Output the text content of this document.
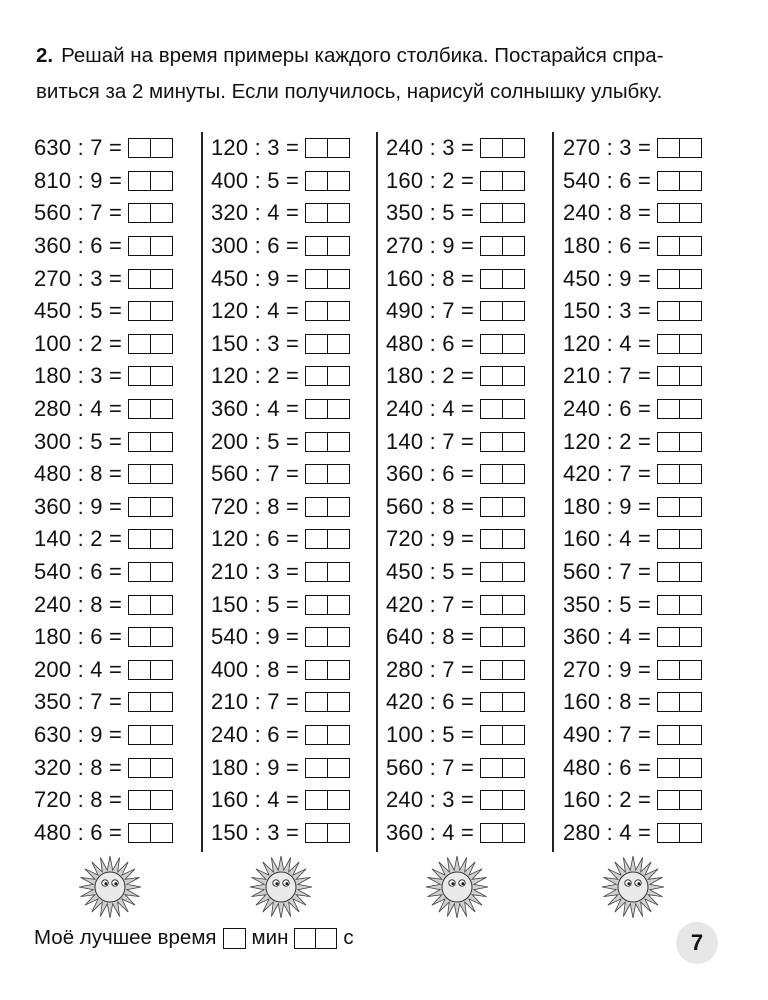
2. Решай на время примеры каждого столбика. Постарайся спра-
виться за 2 минуты. Если получилось, нарисуй солнышку улыбку.
630 : 7 =
810 : 9 =
560 : 7 =
360 : 6 =
270 : 3 =
450 : 5 =
100 : 2 =
180 : 3 =
280 : 4 =
300 : 5 =
480 : 8 =
360 : 9 =
140 : 2 =
540 : 6 =
240 : 8 =
180 : 6 =
200 : 4 =
350 : 7 =
630 : 9 =
320 : 8 =
720 : 8 =
480 : 6 =
120 : 3 =
400 : 5 =
320 : 4 =
300 : 6 =
450 : 9 =
120 : 4 =
150 : 3 =
120 : 2 =
360 : 4 =
200 : 5 =
560 : 7 =
720 : 8 =
120 : 6 =
210 : 3 =
150 : 5 =
540 : 9 =
400 : 8 =
210 : 7 =
240 : 6 =
180 : 9 =
160 : 4 =
150 : 3 =
240 : 3 =
160 : 2 =
350 : 5 =
270 : 9 =
160 : 8 =
490 : 7 =
480 : 6 =
180 : 2 =
240 : 4 =
140 : 7 =
360 : 6 =
560 : 8 =
720 : 9 =
450 : 5 =
420 : 7 =
640 : 8 =
280 : 7 =
420 : 6 =
100 : 5 =
560 : 7 =
240 : 3 =
360 : 4 =
270 : 3 =
540 : 6 =
240 : 8 =
180 : 6 =
450 : 9 =
150 : 3 =
120 : 4 =
210 : 7 =
240 : 6 =
120 : 2 =
420 : 7 =
180 : 9 =
160 : 4 =
560 : 7 =
350 : 5 =
360 : 4 =
270 : 9 =
160 : 8 =
490 : 7 =
480 : 6 =
160 : 2 =
280 : 4 =
Моё лучшее время мин	с	7
